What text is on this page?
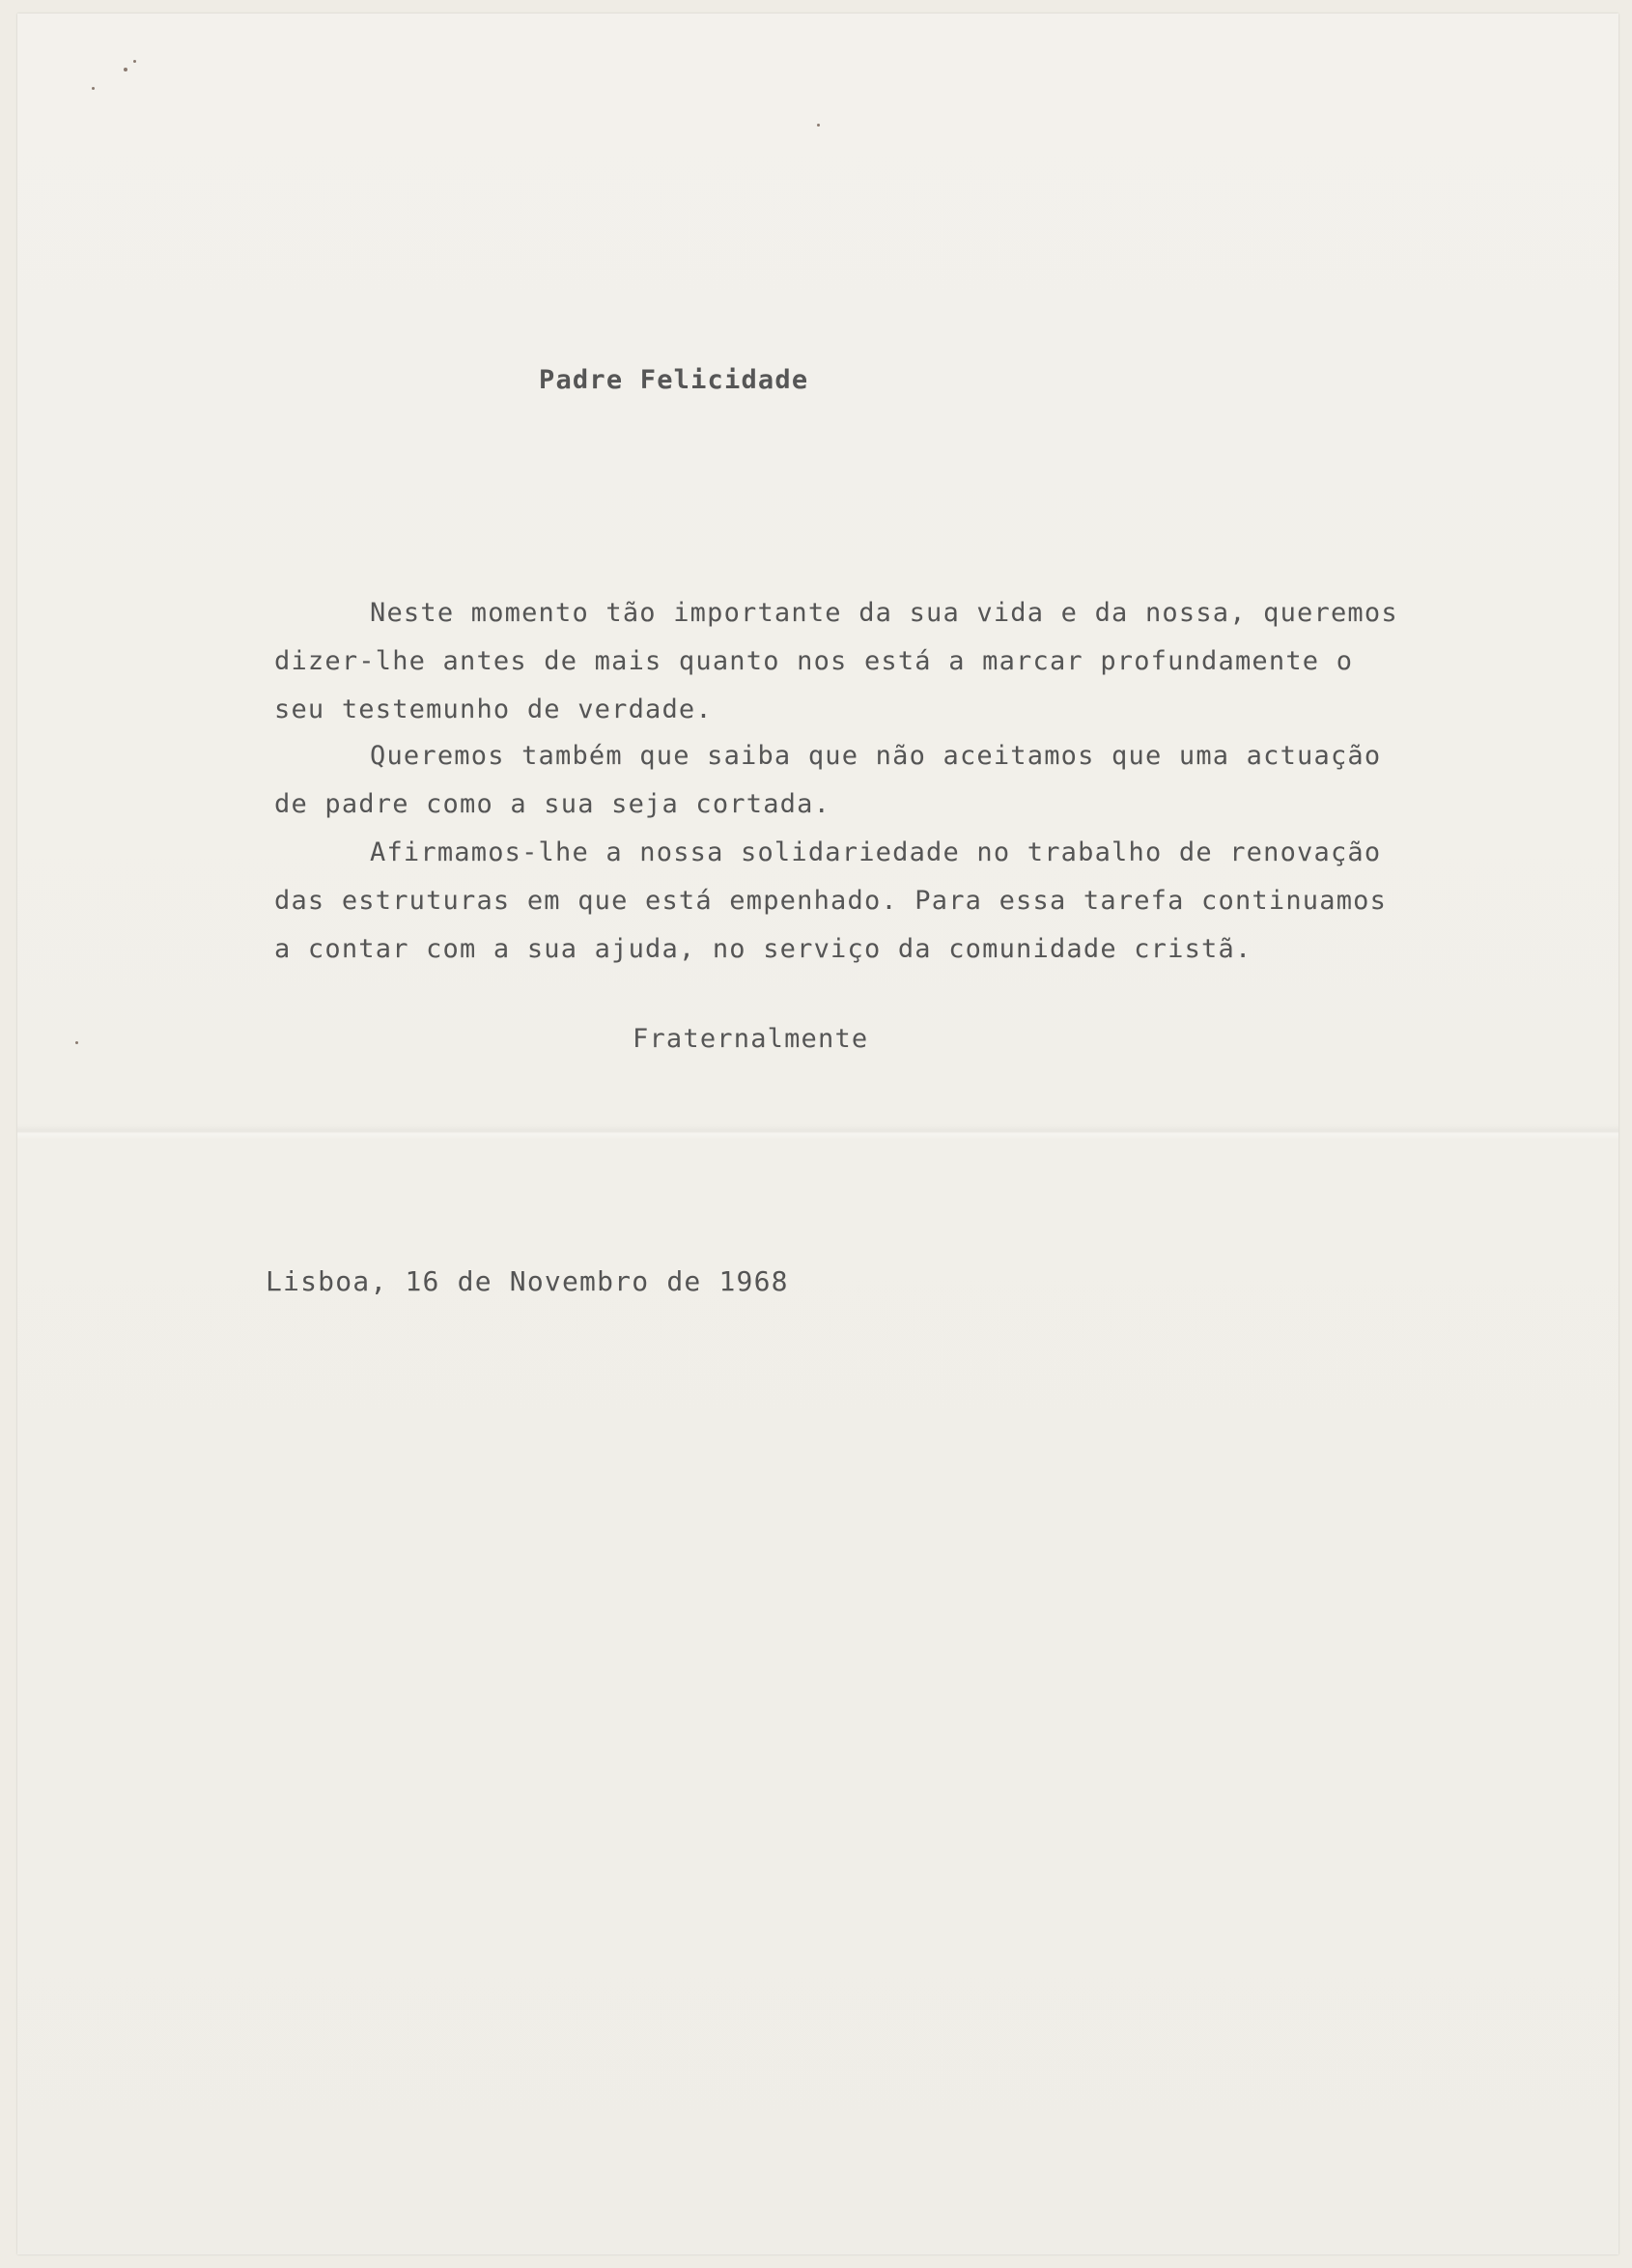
Padre Felicidade
Neste momento tão importante da sua vida e da nossa, queremos
dizer-lhe antes de mais quanto nos está a marcar profundamente o
seu testemunho de verdade.
Queremos também que saiba que não aceitamos que uma actuação
de padre como a sua seja cortada.
Afirmamos-lhe a nossa solidariedade no trabalho de renovação
das estruturas em que está empenhado. Para essa tarefa continuamos
a contar com a sua ajuda, no serviço da comunidade cristã.
Fraternalmente
Lisboa, 16 de Novembro de 1968
